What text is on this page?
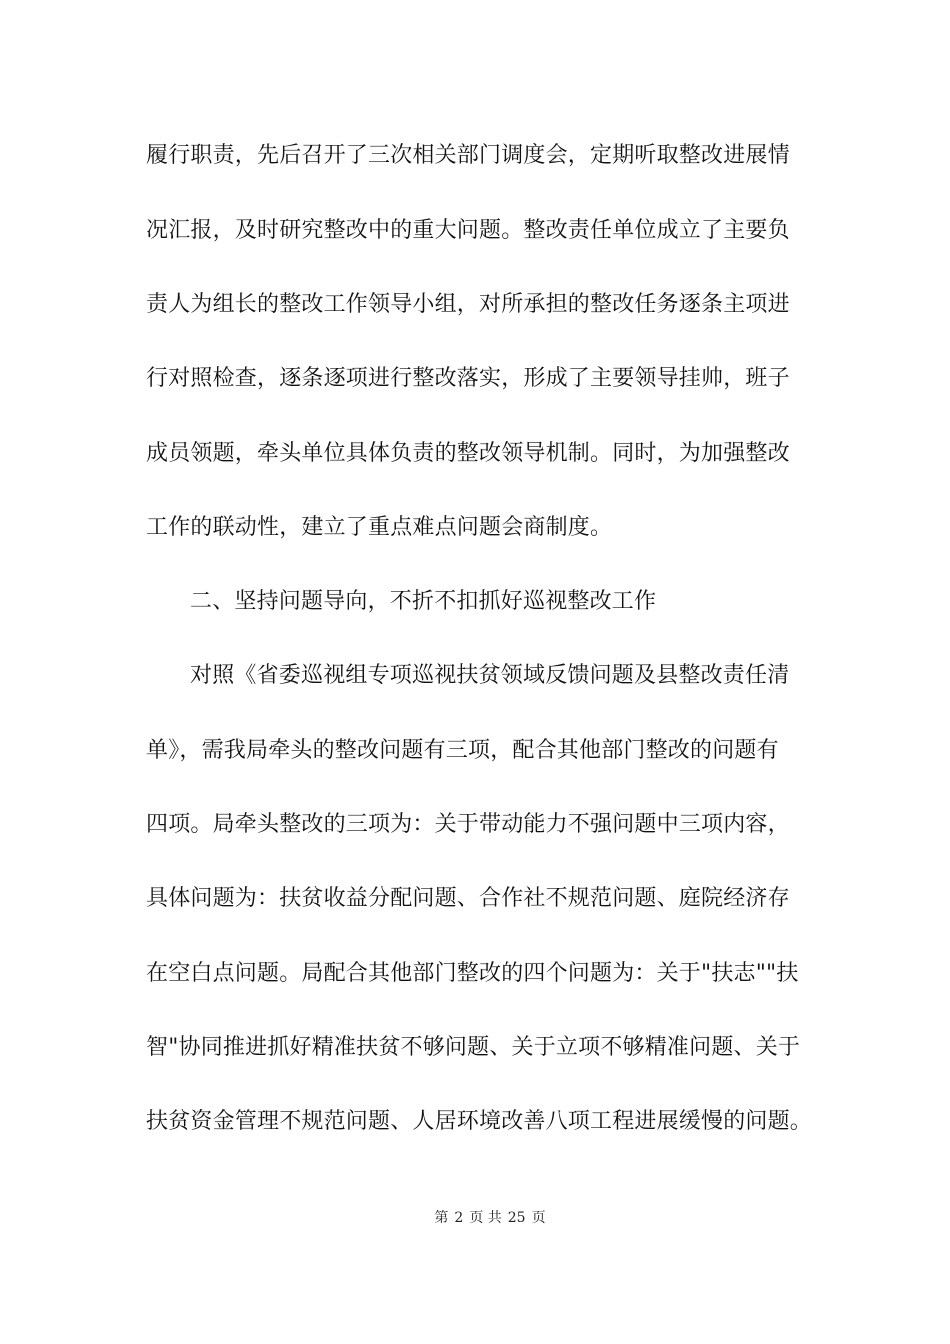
履行职责，先后召开了三次相关部门调度会，定期听取整改进展情
况汇报，及时研究整改中的重大问题。整改责任单位成立了主要负
责人为组长的整改工作领导小组，对所承担的整改任务逐条主项进
行对照检查，逐条逐项进行整改落实，形成了主要领导挂帅，班子
成员领题，牵头单位具体负责的整改领导机制。同时，为加强整改
工作的联动性，建立了重点难点问题会商制度。
二、坚持问题导向，不折不扣抓好巡视整改工作
对照《省委巡视组专项巡视扶贫领域反馈问题及县整改责任清
单》，需我局牵头的整改问题有三项，配合其他部门整改的问题有
四项。局牵头整改的三项为：关于带动能力不强问题中三项内容，
具体问题为：扶贫收益分配问题、合作社不规范问题、庭院经济存
在空白点问题。局配合其他部门整改的四个问题为：关于"扶志""扶
智"协同推进抓好精准扶贫不够问题、关于立项不够精准问题、关于
扶贫资金管理不规范问题、人居环境改善八项工程进展缓慢的问题。
第 2 页 共 25 页
